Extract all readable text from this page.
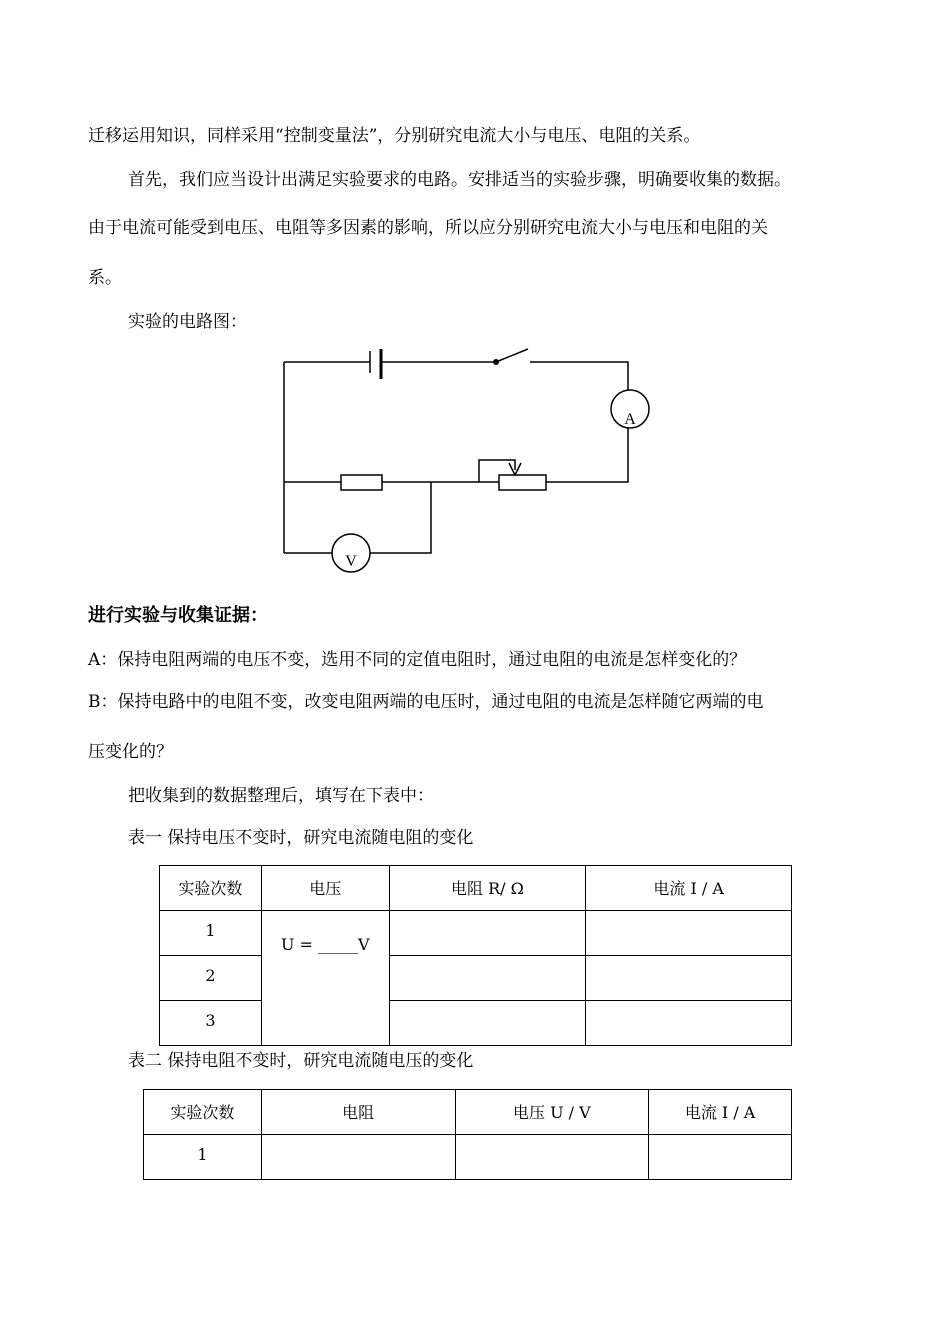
迁移运用知识，同样采用“控制变量法”，分别研究电流大小与电压、电阻的关系。
首先，我们应当设计出满足实验要求的电路。安排适当的实验步骤，明确要收集的数据。
由于电流可能受到电压、电阻等多因素的影响，所以应分别研究电流大小与电压和电阻的关
系。
实验的电路图：
A
V
进行实验与收集证据：
A：保持电阻两端的电压不变，选用不同的定值电阻时，通过电阻的电流是怎样变化的？
B：保持电路中的电阻不变，改变电阻两端的电压时，通过电阻的电流是怎样随它两端的电
压变化的？
把收集到的数据整理后，填写在下表中：
表一 保持电压不变时，研究电流随电阻的变化
实验次数	电压	电阻 R/ Ω	电流 I / A
1	U = _____V		
2			
3			
表二 保持电阻不变时，研究电流随电压的变化
实验次数	电阻	电压 U / V	电流 I / A
1			
